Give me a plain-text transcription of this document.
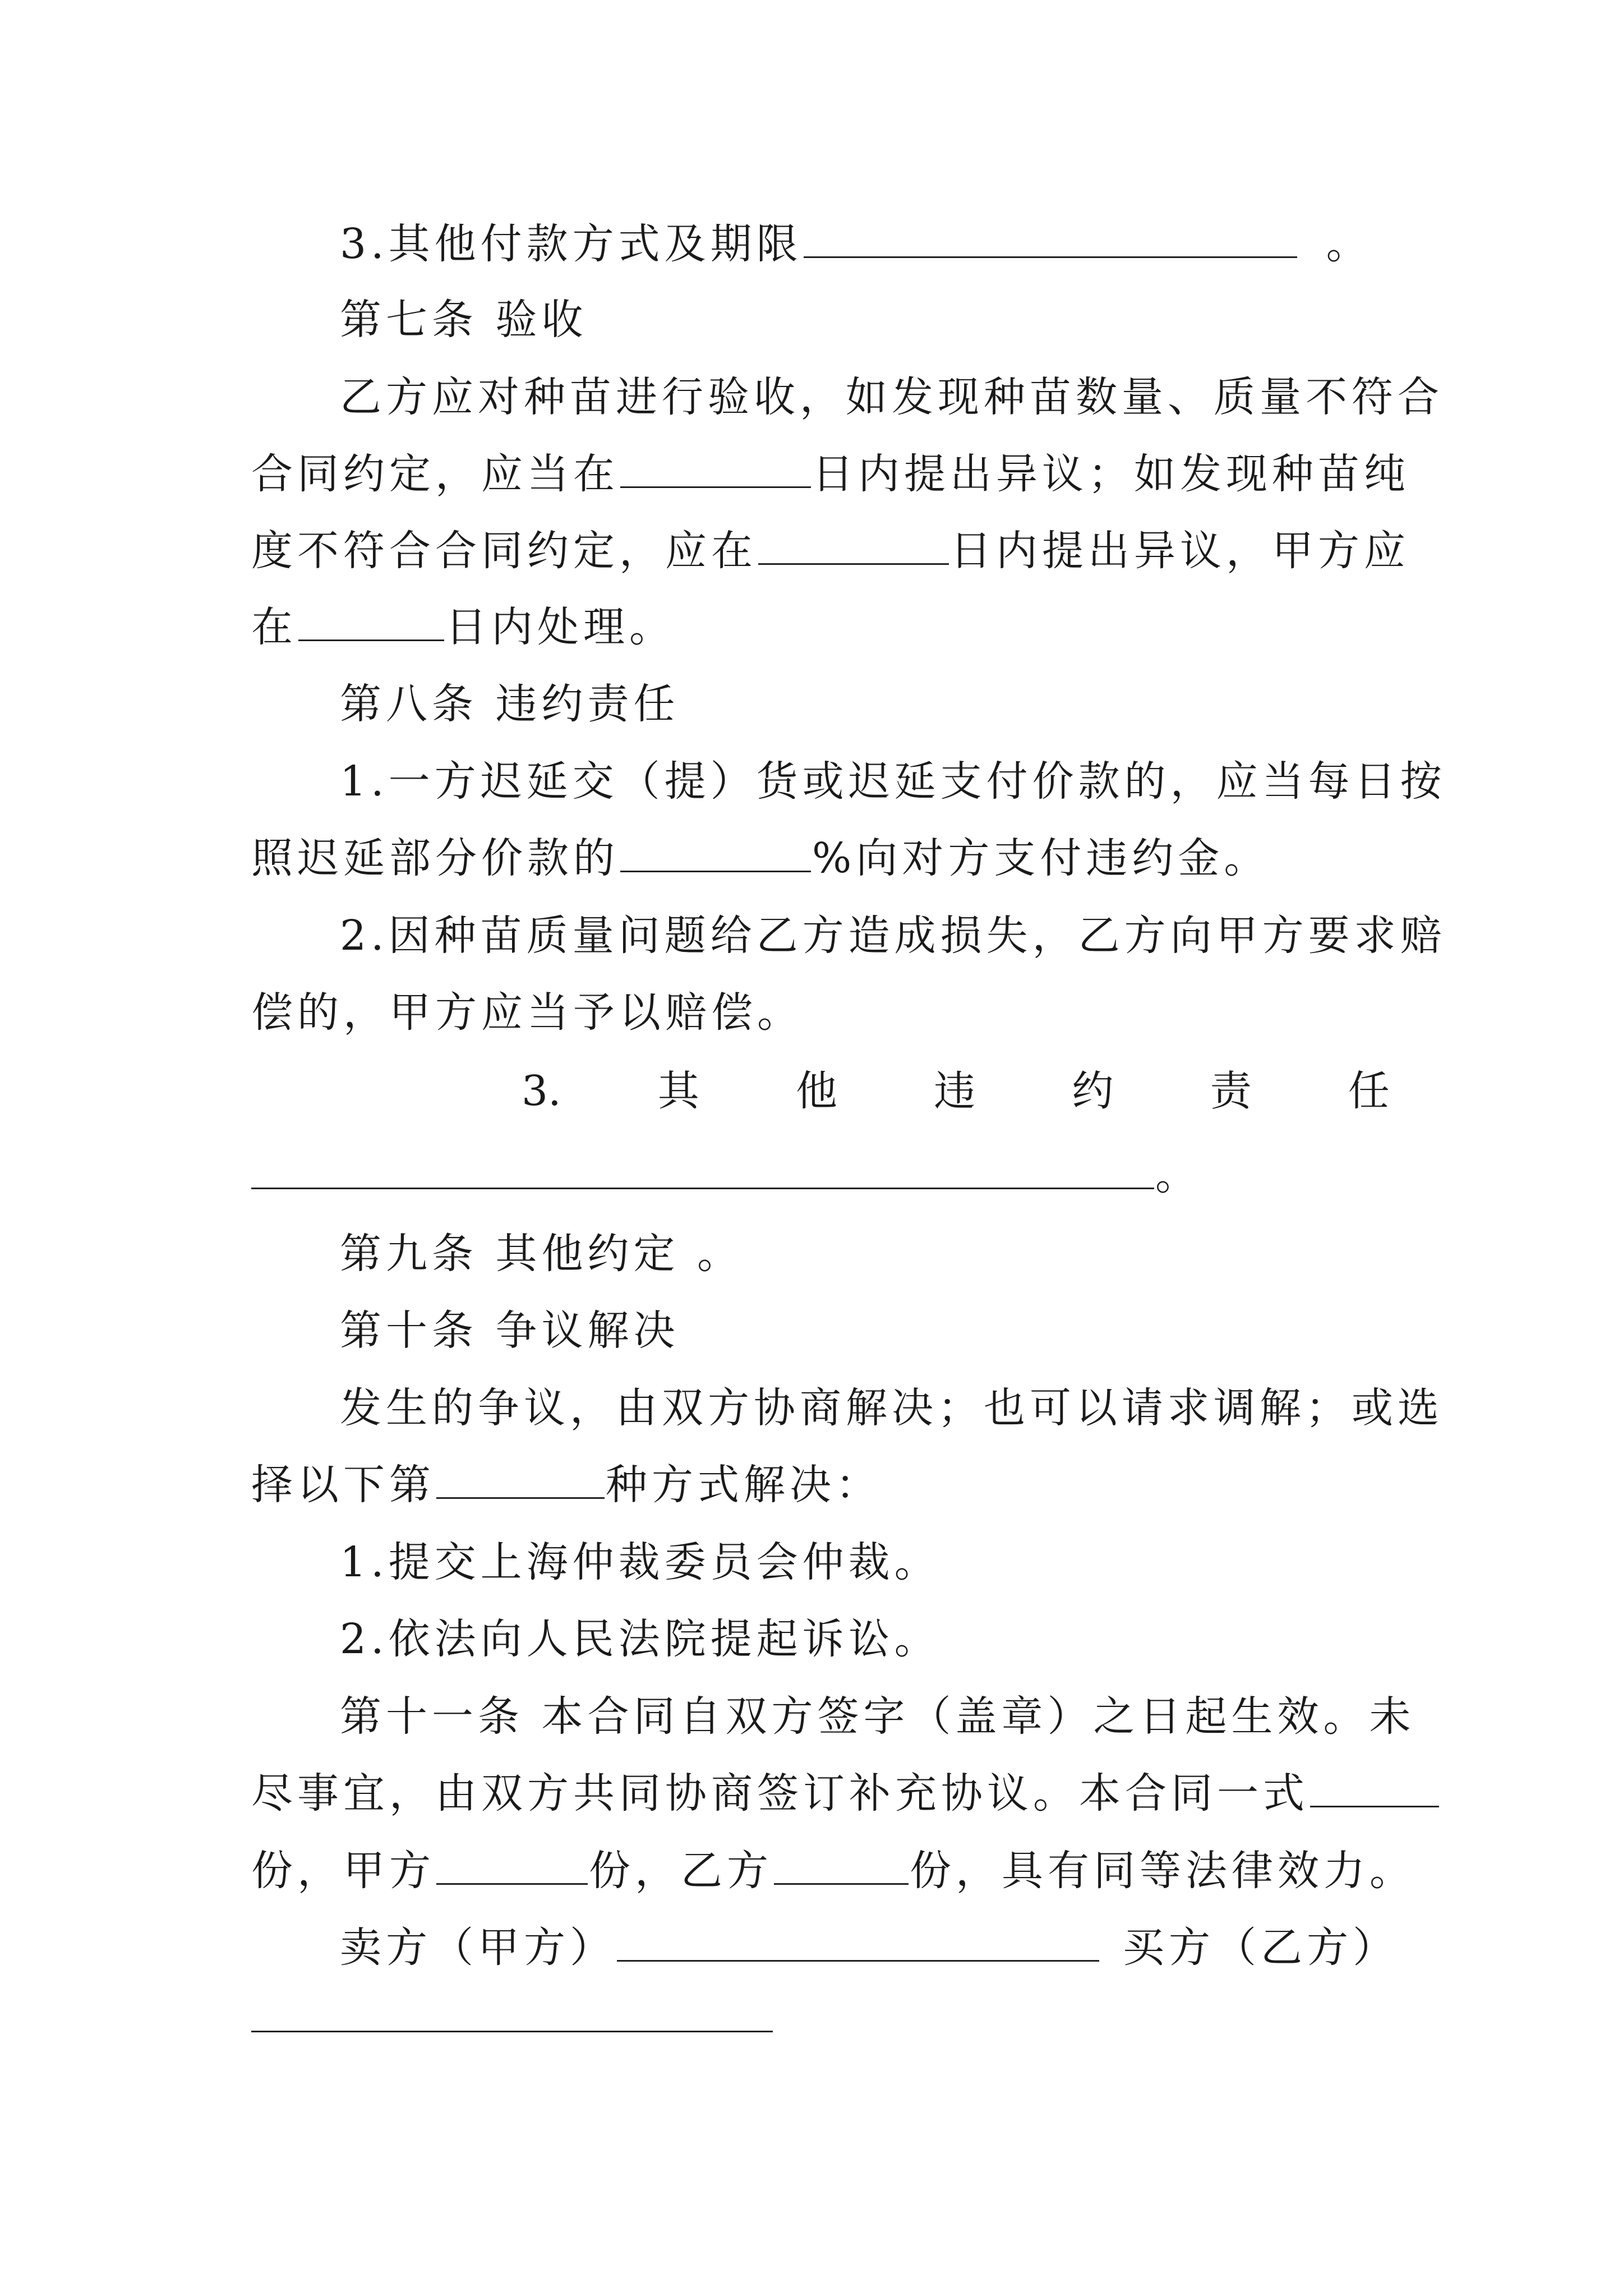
3.其他付款方式及期限	。
第七条 验收
乙方应对种苗进行验收，如发现种苗数量、质量不符合
合同约定，应当在	日内提出异议；如发现种苗纯
度不符合合同约定，应在	日内提出异议，甲方应
在	日内处理。
第八条 违约责任
1.一方迟延交（提）货或迟延支付价款的，应当每日按
照迟延部分价款的	%向对方支付违约金。
2.因种苗质量问题给乙方造成损失，乙方向甲方要求赔
偿的，甲方应当予以赔偿。
3. 其 他 违 约 责 任
。
第九条 其他约定 。
第十条 争议解决
发生的争议，由双方协商解决；也可以请求调解；或选
择以下第	种方式解决：
1.提交上海仲裁委员会仲裁。
2.依法向人民法院提起诉讼。
第十一条 本合同自双方签字（盖章）之日起生效。未
尽事宜，由双方共同协商签订补充协议。本合同一式
份，甲方	份，乙方	份，具有同等法律效力。
卖方（甲方）	买方（乙方）
